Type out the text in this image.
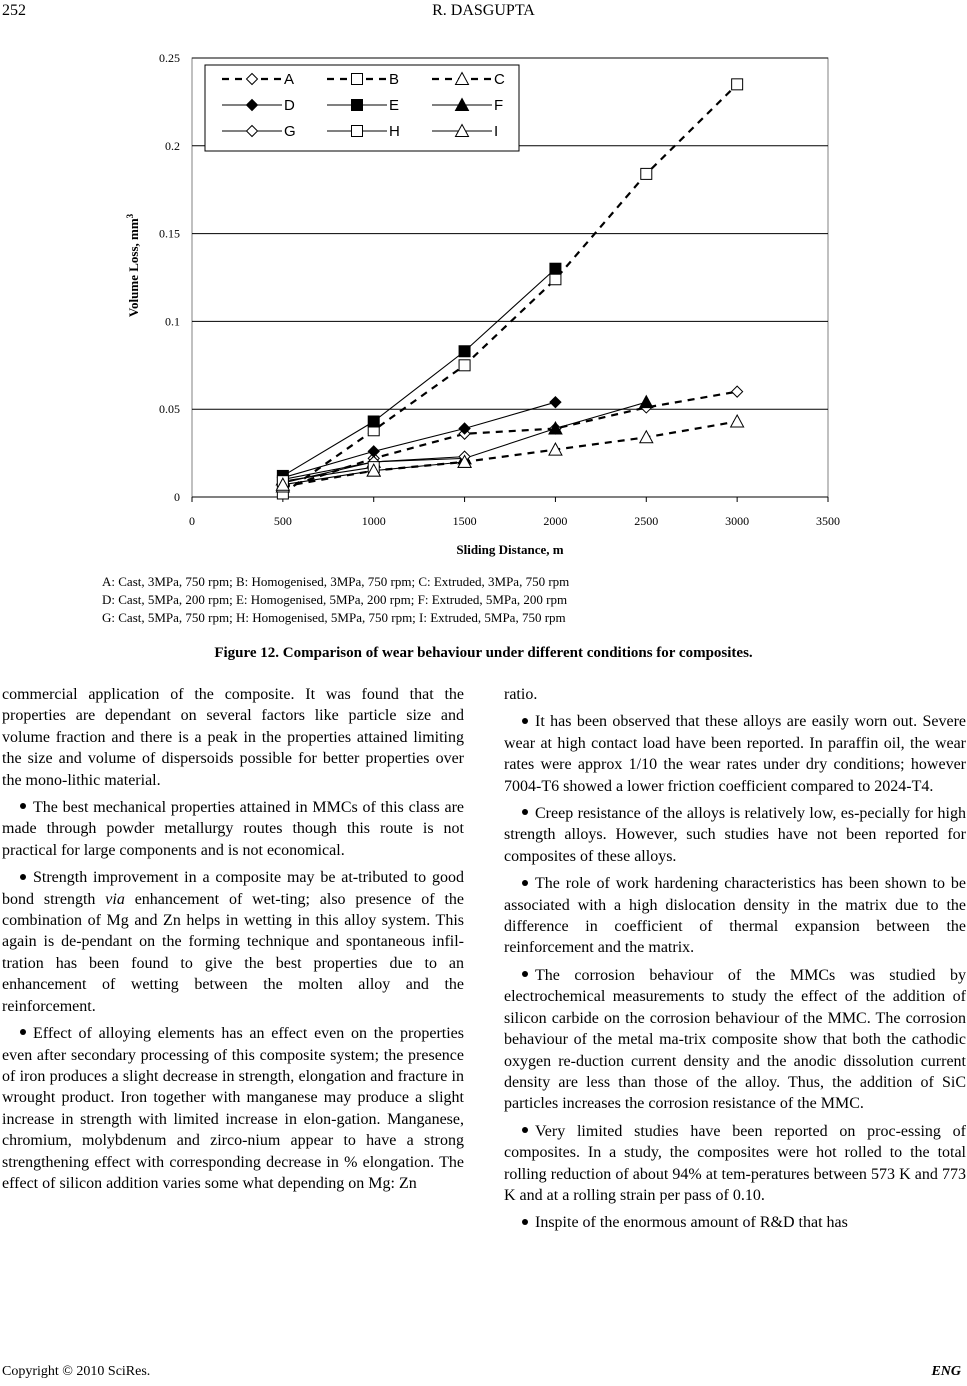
252	R. DASGUPTA
0
0.05
0.1
0.15
0.2
0.25
0	500	1000	1500	2000	2500	3000	3500
Sliding Distance, m
Volume Loss, $mm^3$
A	B	C
D	E	F
G	H	I
A: Cast, 3MPa, 750 rpm; B: Homogenised, 3MPa, 750 rpm; C: Extruded, 3MPa, 750 rpm
D: Cast, 5MPa, 200 rpm; E: Homogenised, 5MPa, 200 rpm; F: Extruded, 5MPa, 200 rpm
G: Cast, 5MPa, 750 rpm; H: Homogenised, 5MPa, 750 rpm; I: Extruded, 5MPa, 750 rpm
Figure 12. Comparison of wear behaviour under different conditions for composites.

commercial application of the composite. It was found that the properties are dependant on several factors like particle size and volume fraction and there is a peak in the properties attained limiting the size and volume of dispersoids possible for better properties over the mono-lithic material.

The best mechanical properties attained in MMCs of this class are made through powder metallurgy routes though this route is not practical for large components and is not economical.

Strength improvement in a composite may be at-tributed to good bond strength via enhancement of wet-ting; also presence of the combination of Mg and Zn helps in wetting in this alloy system. This again is de-pendant on the forming technique and spontaneous infil-tration has been found to give the best properties due to an enhancement of wetting between the molten alloy and the reinforcement.

Effect of alloying elements has an effect even on the properties even after secondary processing of this composite system; the presence of iron produces a slight decrease in strength, elongation and fracture in wrought product. Iron together with manganese may produce a slight increase in strength with limited increase in elon-gation. Manganese, chromium, molybdenum and zirco-nium appear to have a strong strengthening effect with corresponding decrease in % elongation. The effect of silicon addition varies some what depending on Mg: Zn

ratio.

It has been observed that these alloys are easily worn out. Severe wear at high contact load have been reported. In paraffin oil, the wear rates were approx 1/10 the wear rates under dry conditions; however 7004-T6 showed a lower friction coefficient compared to 2024-T4.

Creep resistance of the alloys is relatively low, es-pecially for high strength alloys. However, such studies have not been reported for composites of these alloys.

The role of work hardening characteristics has been shown to be associated with a high dislocation density in the matrix due to the difference in coefficient of thermal expansion between the reinforcement and the matrix.

The corrosion behaviour of the MMCs was studied by electrochemical measurements to study the effect of the addition of silicon carbide on the corrosion behaviour of the MMC. The corrosion behaviour of the metal ma-trix composite show that both the cathodic oxygen re-duction current density and the anodic dissolution current density are less than those of the alloy. Thus, the addition of SiC particles increases the corrosion resistance of the MMC.

Very limited studies have been reported on proc-essing of composites. In a study, the composites were hot rolled to the total rolling reduction of about 94% at tem-peratures between 573 K and 773 K and at a rolling strain per pass of 0.10.

Inspite of the enormous amount of R&D that has

Copyright © 2010 SciRes.	ENG
